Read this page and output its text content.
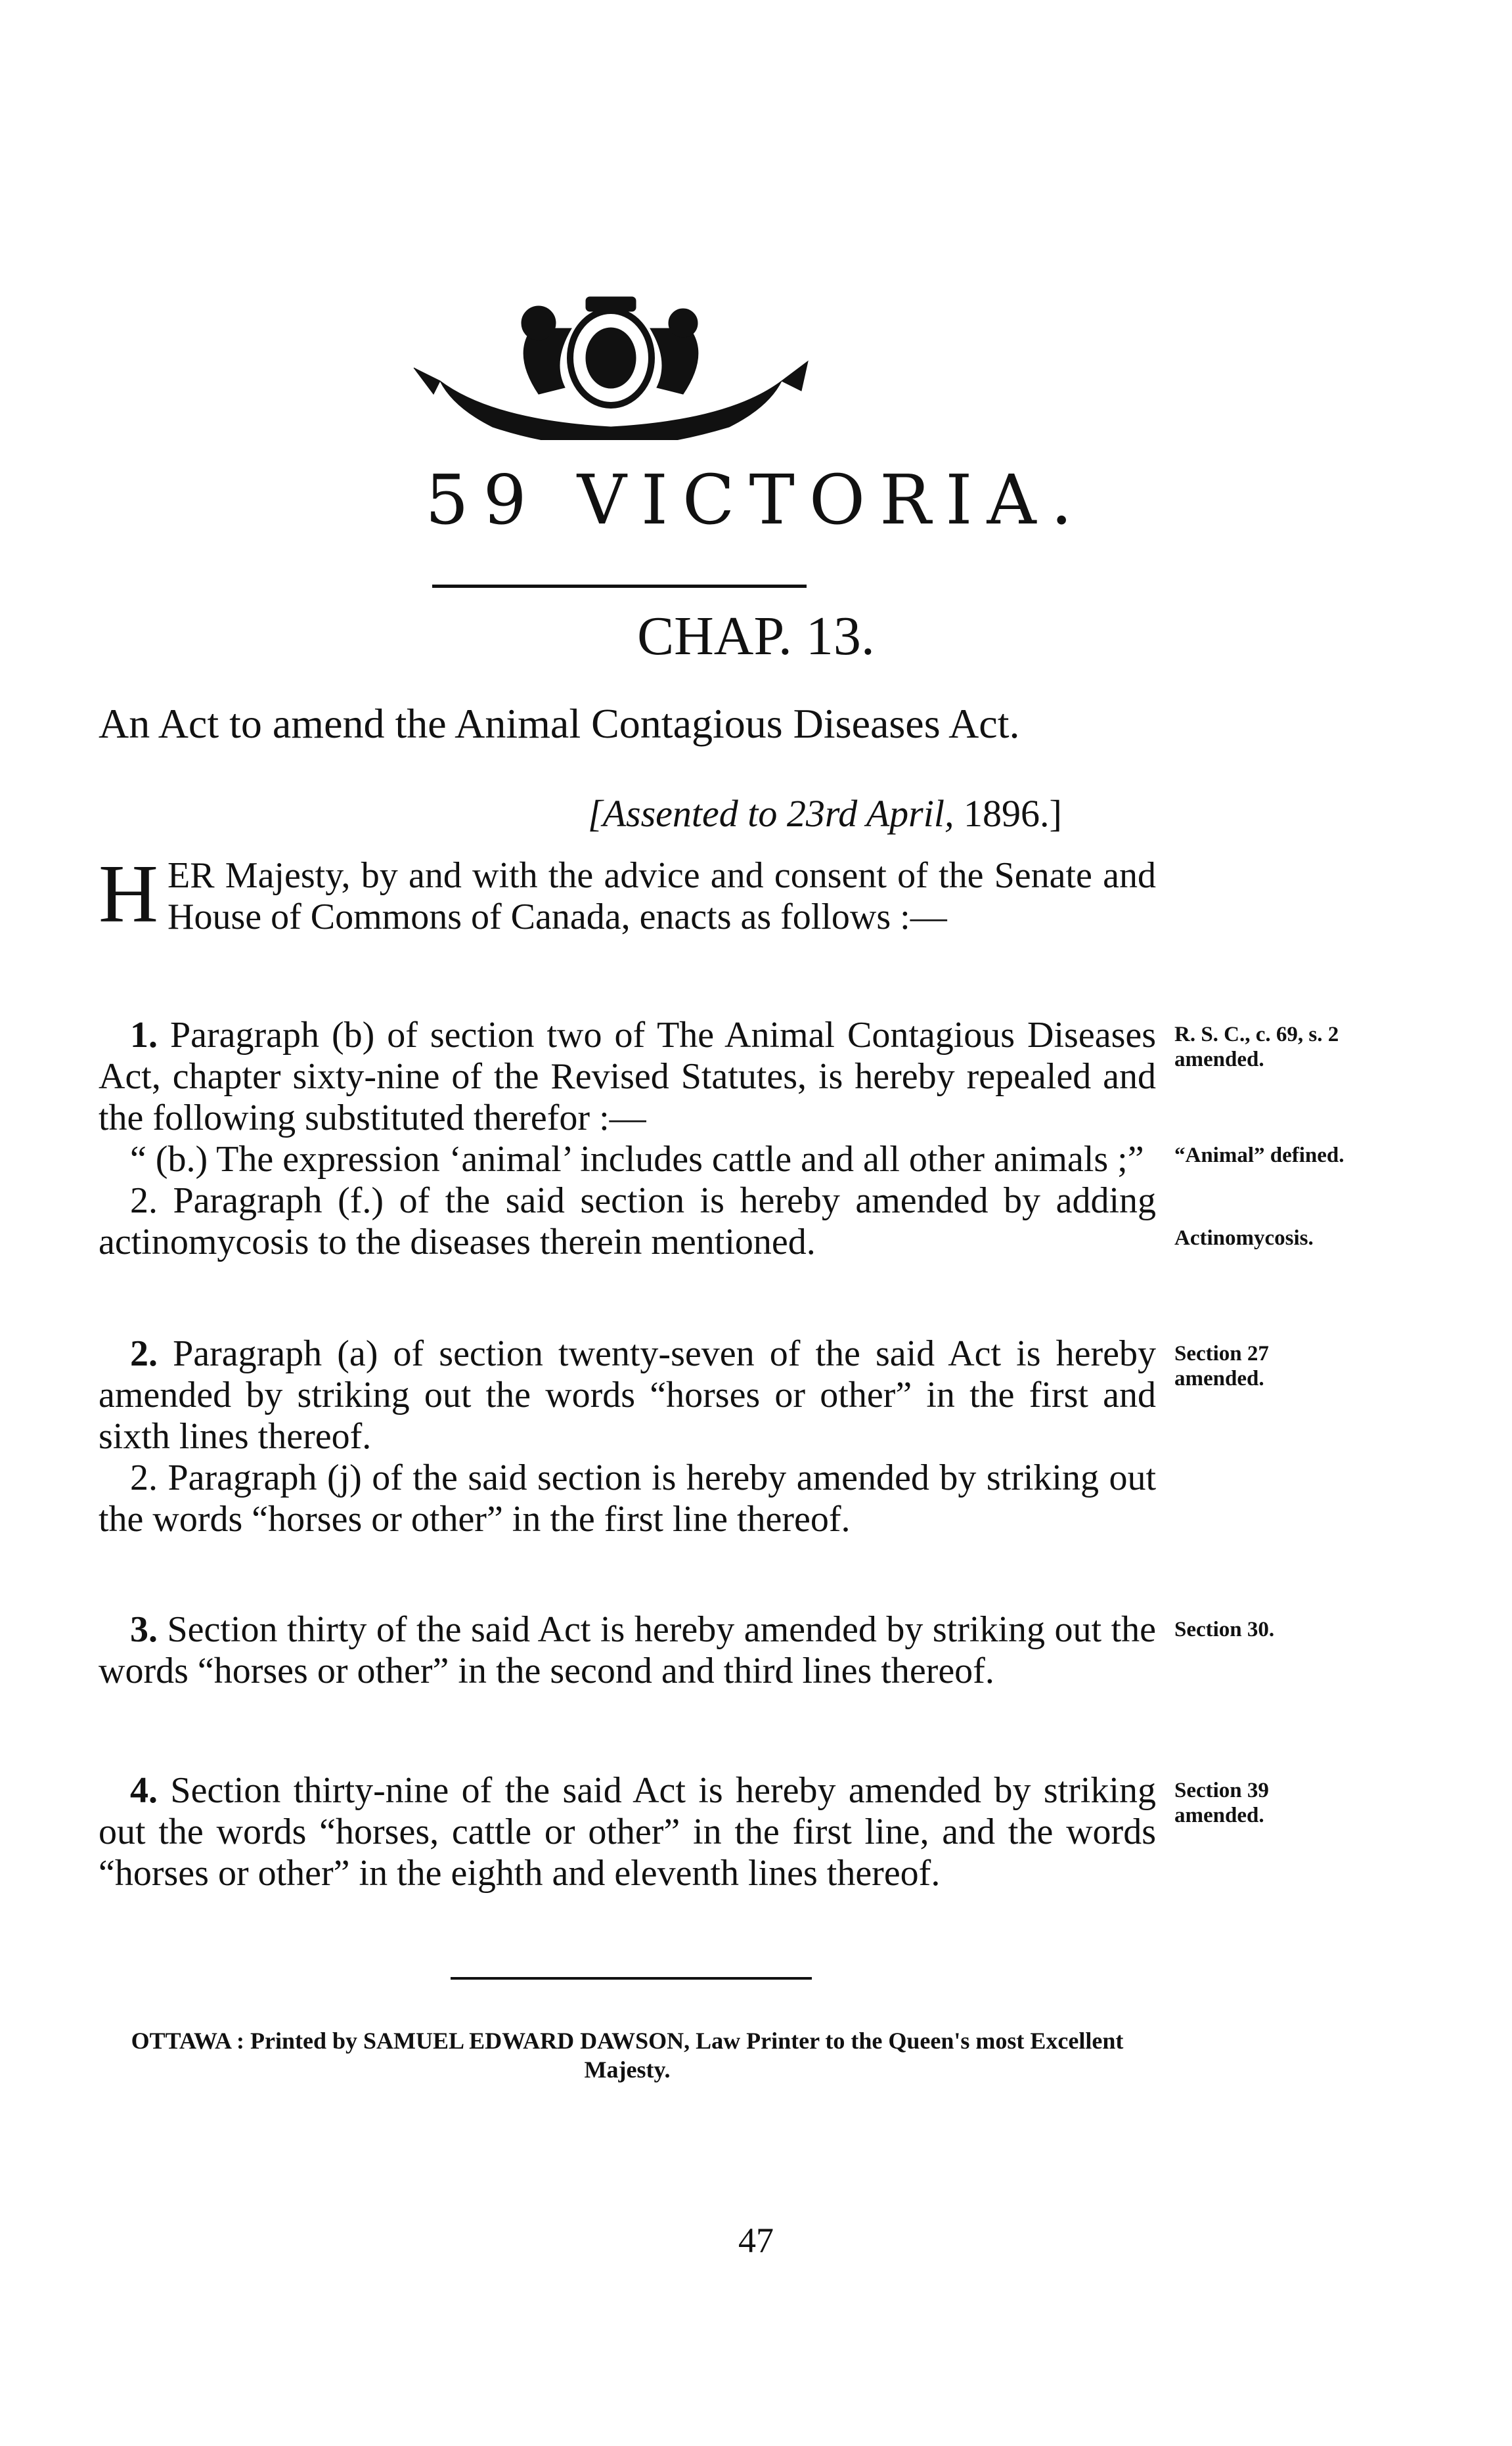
59 VICTORIA.
CHAP. 13.
An Act to amend the Animal Contagious Diseases Act.
[Assented to 23rd April, 1896.]
HER Majesty, by and with the advice and consent of the Senate and House of Commons of Canada, enacts as follows :—

1. Paragraph (b) of section two of The Animal Contagious Diseases Act, chapter sixty-nine of the Revised Statutes, is hereby repealed and the following substituted therefor :—

“ (b.) The expression ‘animal’ includes cattle and all other animals ;”

2. Paragraph (f.) of the said section is hereby amended by adding actinomycosis to the diseases therein mentioned.

R. S. C., c. 69, s. 2 amended.
“Animal” defined.
Actinomycosis.

2. Paragraph (a) of section twenty-seven of the said Act is hereby amended by striking out the words “horses or other” in the first and sixth lines thereof.

2. Paragraph (j) of the said section is hereby amended by striking out the words “horses or other” in the first line thereof.

Section 27 amended.

3. Section thirty of the said Act is hereby amended by striking out the words “horses or other” in the second and third lines thereof.

Section 30.

4. Section thirty-nine of the said Act is hereby amended by striking out the words “horses, cattle or other” in the first line, and the words “horses or other” in the eighth and eleventh lines thereof.

Section 39 amended.
OTTAWA : Printed by SAMUEL EDWARD DAWSON, Law Printer to the Queen's most Excellent Majesty.
47
